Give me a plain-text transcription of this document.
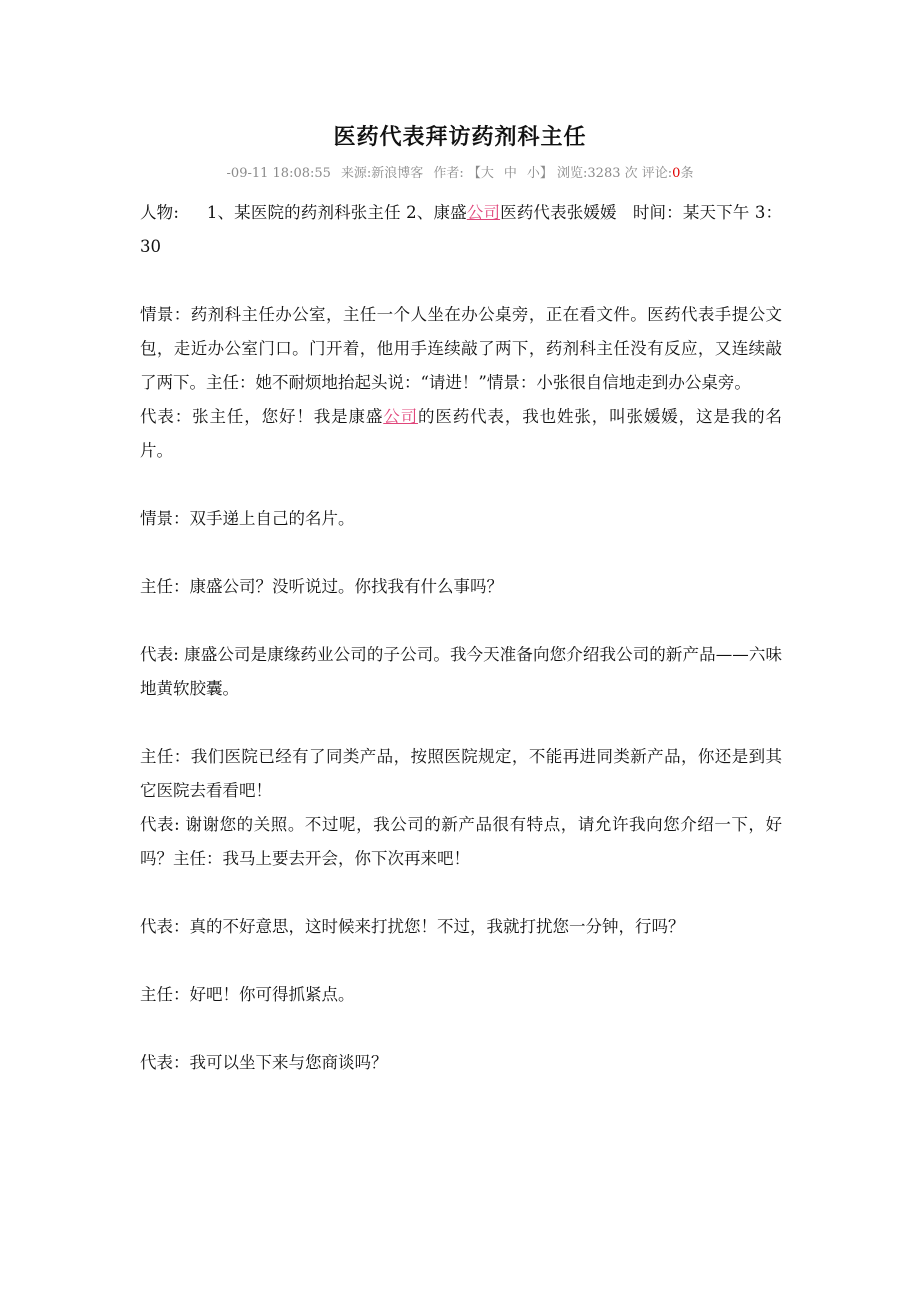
医药代表拜访药剂科主任
-09-11 18:08:55 来源:新浪博客 作者: 【大 中 小】 浏览:3283 次 评论:0条

人物: 1、某医院的药剂科张主任 2、康盛公司医药代表张媛媛 时间：某天下午 3：30

情景：药剂科主任办公室，主任一个人坐在办公桌旁，正在看文件。医药代表手提公文包，走近办公室门口。门开着，他用手连续敲了两下，药剂科主任没有反应，又连续敲了两下。主任：她不耐烦地抬起头说：“请进！”情景：小张很自信地走到办公桌旁。

代表：张主任，您好！我是康盛公司的医药代表，我也姓张，叫张媛媛，这是我的名片。

情景：双手递上自己的名片。

主任：康盛公司？没听说过。你找我有什么事吗？

代表: 康盛公司是康缘药业公司的子公司。我今天准备向您介绍我公司的新产品——六味地黄软胶囊。

主任：我们医院已经有了同类产品，按照医院规定，不能再进同类新产品，你还是到其它医院去看看吧！

代表: 谢谢您的关照。不过呢，我公司的新产品很有特点，请允许我向您介绍一下，好吗？主任：我马上要去开会，你下次再来吧！

代表：真的不好意思，这时候来打扰您！不过，我就打扰您一分钟，行吗？

主任：好吧！你可得抓紧点。

代表：我可以坐下来与您商谈吗？
